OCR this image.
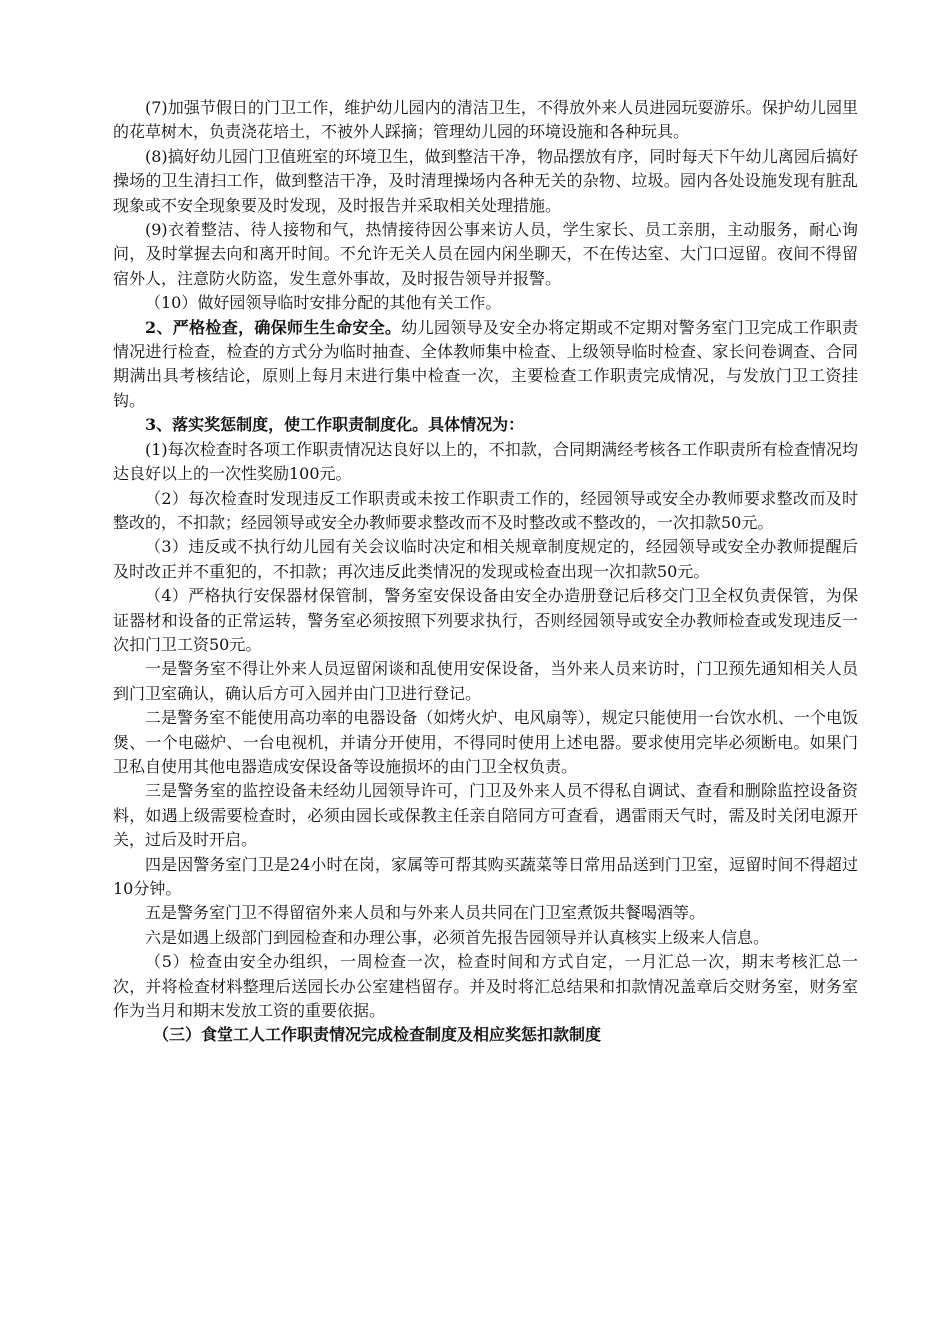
(7)加强节假日的门卫工作，维护幼儿园内的清洁卫生，不得放外来人员进园玩耍游乐。保护幼儿园里的花草树木，负责浇花培土，不被外人踩摘；管理幼儿园的环境设施和各种玩具。

(8)搞好幼儿园门卫值班室的环境卫生，做到整洁干净，物品摆放有序，同时每天下午幼儿离园后搞好操场的卫生清扫工作，做到整洁干净，及时清理操场内各种无关的杂物、垃圾。园内各处设施发现有脏乱现象或不安全现象要及时发现，及时报告并采取相关处理措施。

(9)衣着整洁、待人接物和气，热情接待因公事来访人员，学生家长、员工亲朋，主动服务，耐心询问，及时掌握去向和离开时间。不允许无关人员在园内闲坐聊天，不在传达室、大门口逗留。夜间不得留宿外人，注意防火防盗，发生意外事故，及时报告领导并报警。

（10）做好园领导临时安排分配的其他有关工作。

2、严格检查，确保师生生命安全。幼儿园领导及安全办将定期或不定期对警务室门卫完成工作职责情况进行检查，检查的方式分为临时抽查、全体教师集中检查、上级领导临时检查、家长问卷调查、合同期满出具考核结论，原则上每月末进行集中检查一次，主要检查工作职责完成情况，与发放门卫工资挂钩。

3、落实奖惩制度，使工作职责制度化。具体情况为：

(1)每次检查时各项工作职责情况达良好以上的，不扣款，合同期满经考核各工作职责所有检查情况均达良好以上的一次性奖励100元。

（2）每次检查时发现违反工作职责或未按工作职责工作的，经园领导或安全办教师要求整改而及时整改的，不扣款；经园领导或安全办教师要求整改而不及时整改或不整改的，一次扣款50元。

（3）违反或不执行幼儿园有关会议临时决定和相关规章制度规定的，经园领导或安全办教师提醒后及时改正并不重犯的，不扣款；再次违反此类情况的发现或检查出现一次扣款50元。

（4）严格执行安保器材保管制，警务室安保设备由安全办造册登记后移交门卫全权负责保管，为保证器材和设备的正常运转，警务室必须按照下列要求执行，否则经园领导或安全办教师检查或发现违反一次扣门卫工资50元。

一是警务室不得让外来人员逗留闲谈和乱使用安保设备，当外来人员来访时，门卫预先通知相关人员到门卫室确认，确认后方可入园并由门卫进行登记。

二是警务室不能使用高功率的电器设备（如烤火炉、电风扇等），规定只能使用一台饮水机、一个电饭煲、一个电磁炉、一台电视机，并请分开使用，不得同时使用上述电器。要求使用完毕必须断电。如果门卫私自使用其他电器造成安保设备等设施损坏的由门卫全权负责。

三是警务室的监控设备未经幼儿园领导许可，门卫及外来人员不得私自调试、查看和删除监控设备资料，如遇上级需要检查时，必须由园长或保教主任亲自陪同方可查看，遇雷雨天气时，需及时关闭电源开关，过后及时开启。

四是因警务室门卫是24小时在岗，家属等可帮其购买蔬菜等日常用品送到门卫室，逗留时间不得超过10分钟。

五是警务室门卫不得留宿外来人员和与外来人员共同在门卫室煮饭共餐喝酒等。

六是如遇上级部门到园检查和办理公事，必须首先报告园领导并认真核实上级来人信息。

（5）检查由安全办组织，一周检查一次，检查时间和方式自定，一月汇总一次，期末考核汇总一次，并将检查材料整理后送园长办公室建档留存。并及时将汇总结果和扣款情况盖章后交财务室，财务室作为当月和期末发放工资的重要依据。

（三）食堂工人工作职责情况完成检查制度及相应奖惩扣款制度
